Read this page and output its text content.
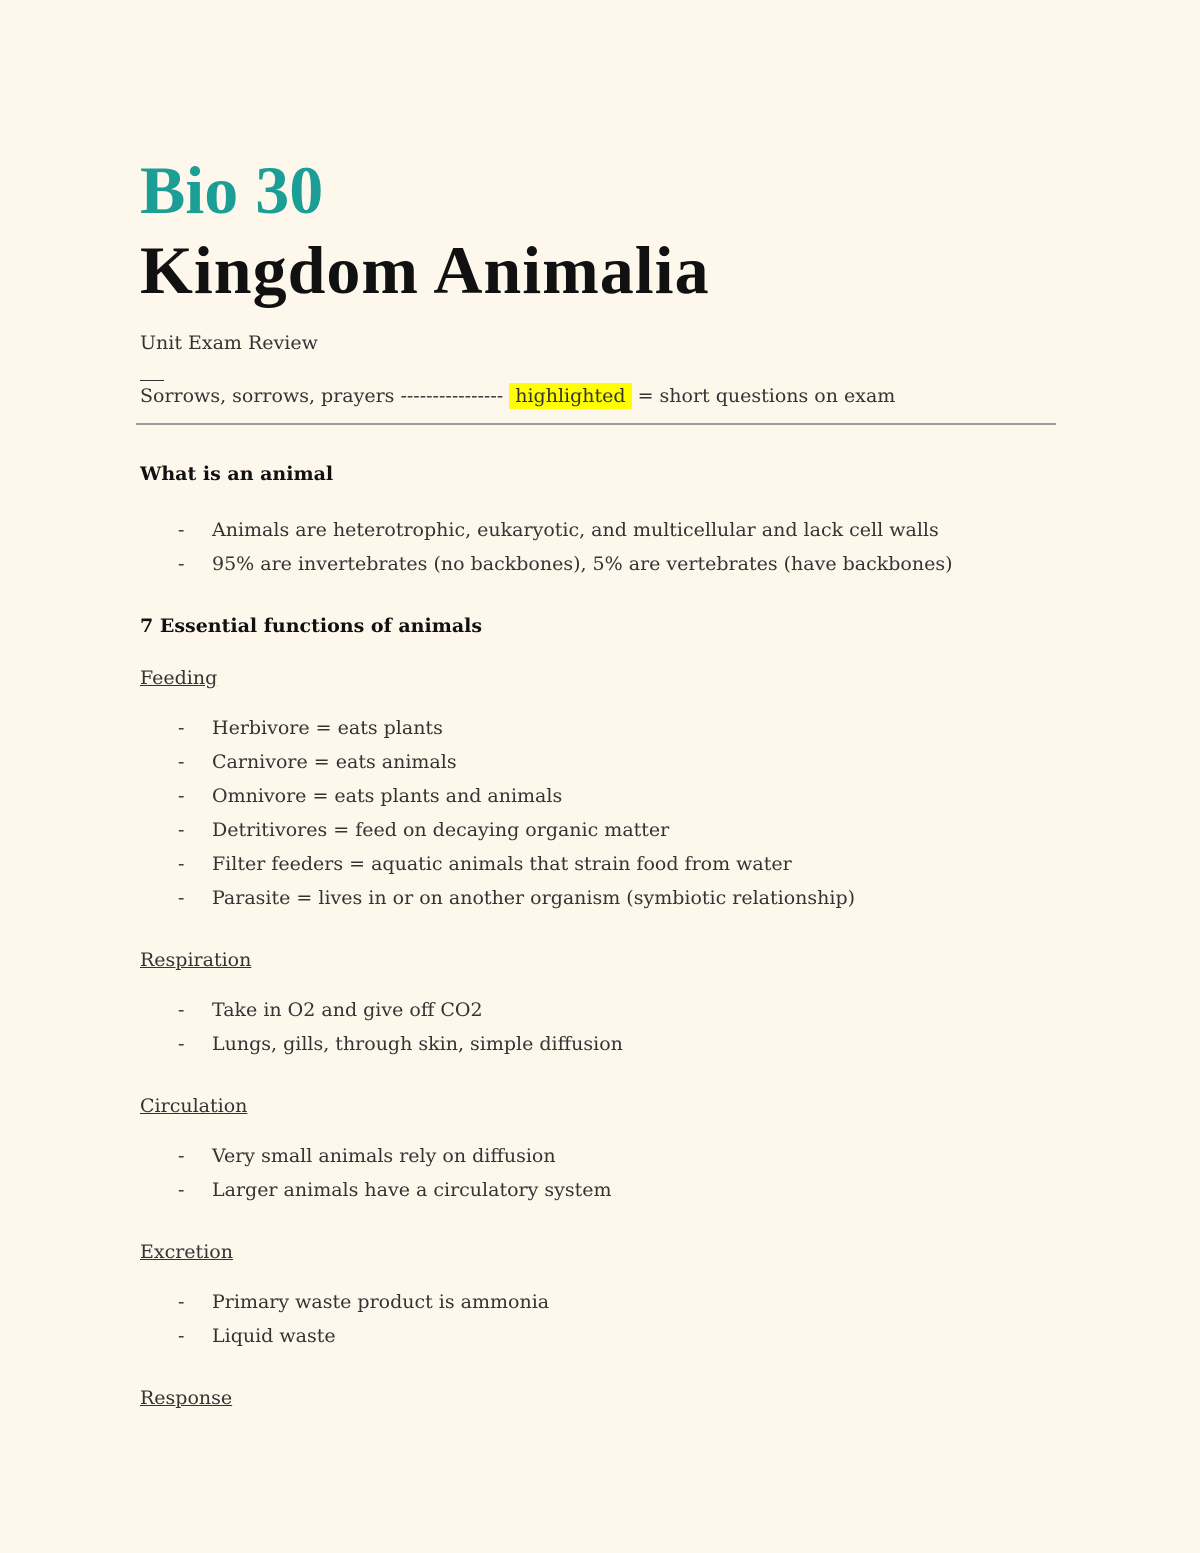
Bio 30
Kingdom Animalia
Unit Exam Review
Sorrows, sorrows, prayers ---------------- highlighted = short questions on exam
What is an animal
- Animals are heterotrophic, eukaryotic, and multicellular and lack cell walls
- 95% are invertebrates (no backbones), 5% are vertebrates (have backbones)
7 Essential functions of animals
Feeding
- Herbivore = eats plants
- Carnivore = eats animals
- Omnivore = eats plants and animals
- Detritivores = feed on decaying organic matter
- Filter feeders = aquatic animals that strain food from water
- Parasite = lives in or on another organism (symbiotic relationship)
Respiration
- Take in O2 and give off CO2
- Lungs, gills, through skin, simple diffusion
Circulation
- Very small animals rely on diffusion
- Larger animals have a circulatory system
Excretion
- Primary waste product is ammonia
- Liquid waste
Response
